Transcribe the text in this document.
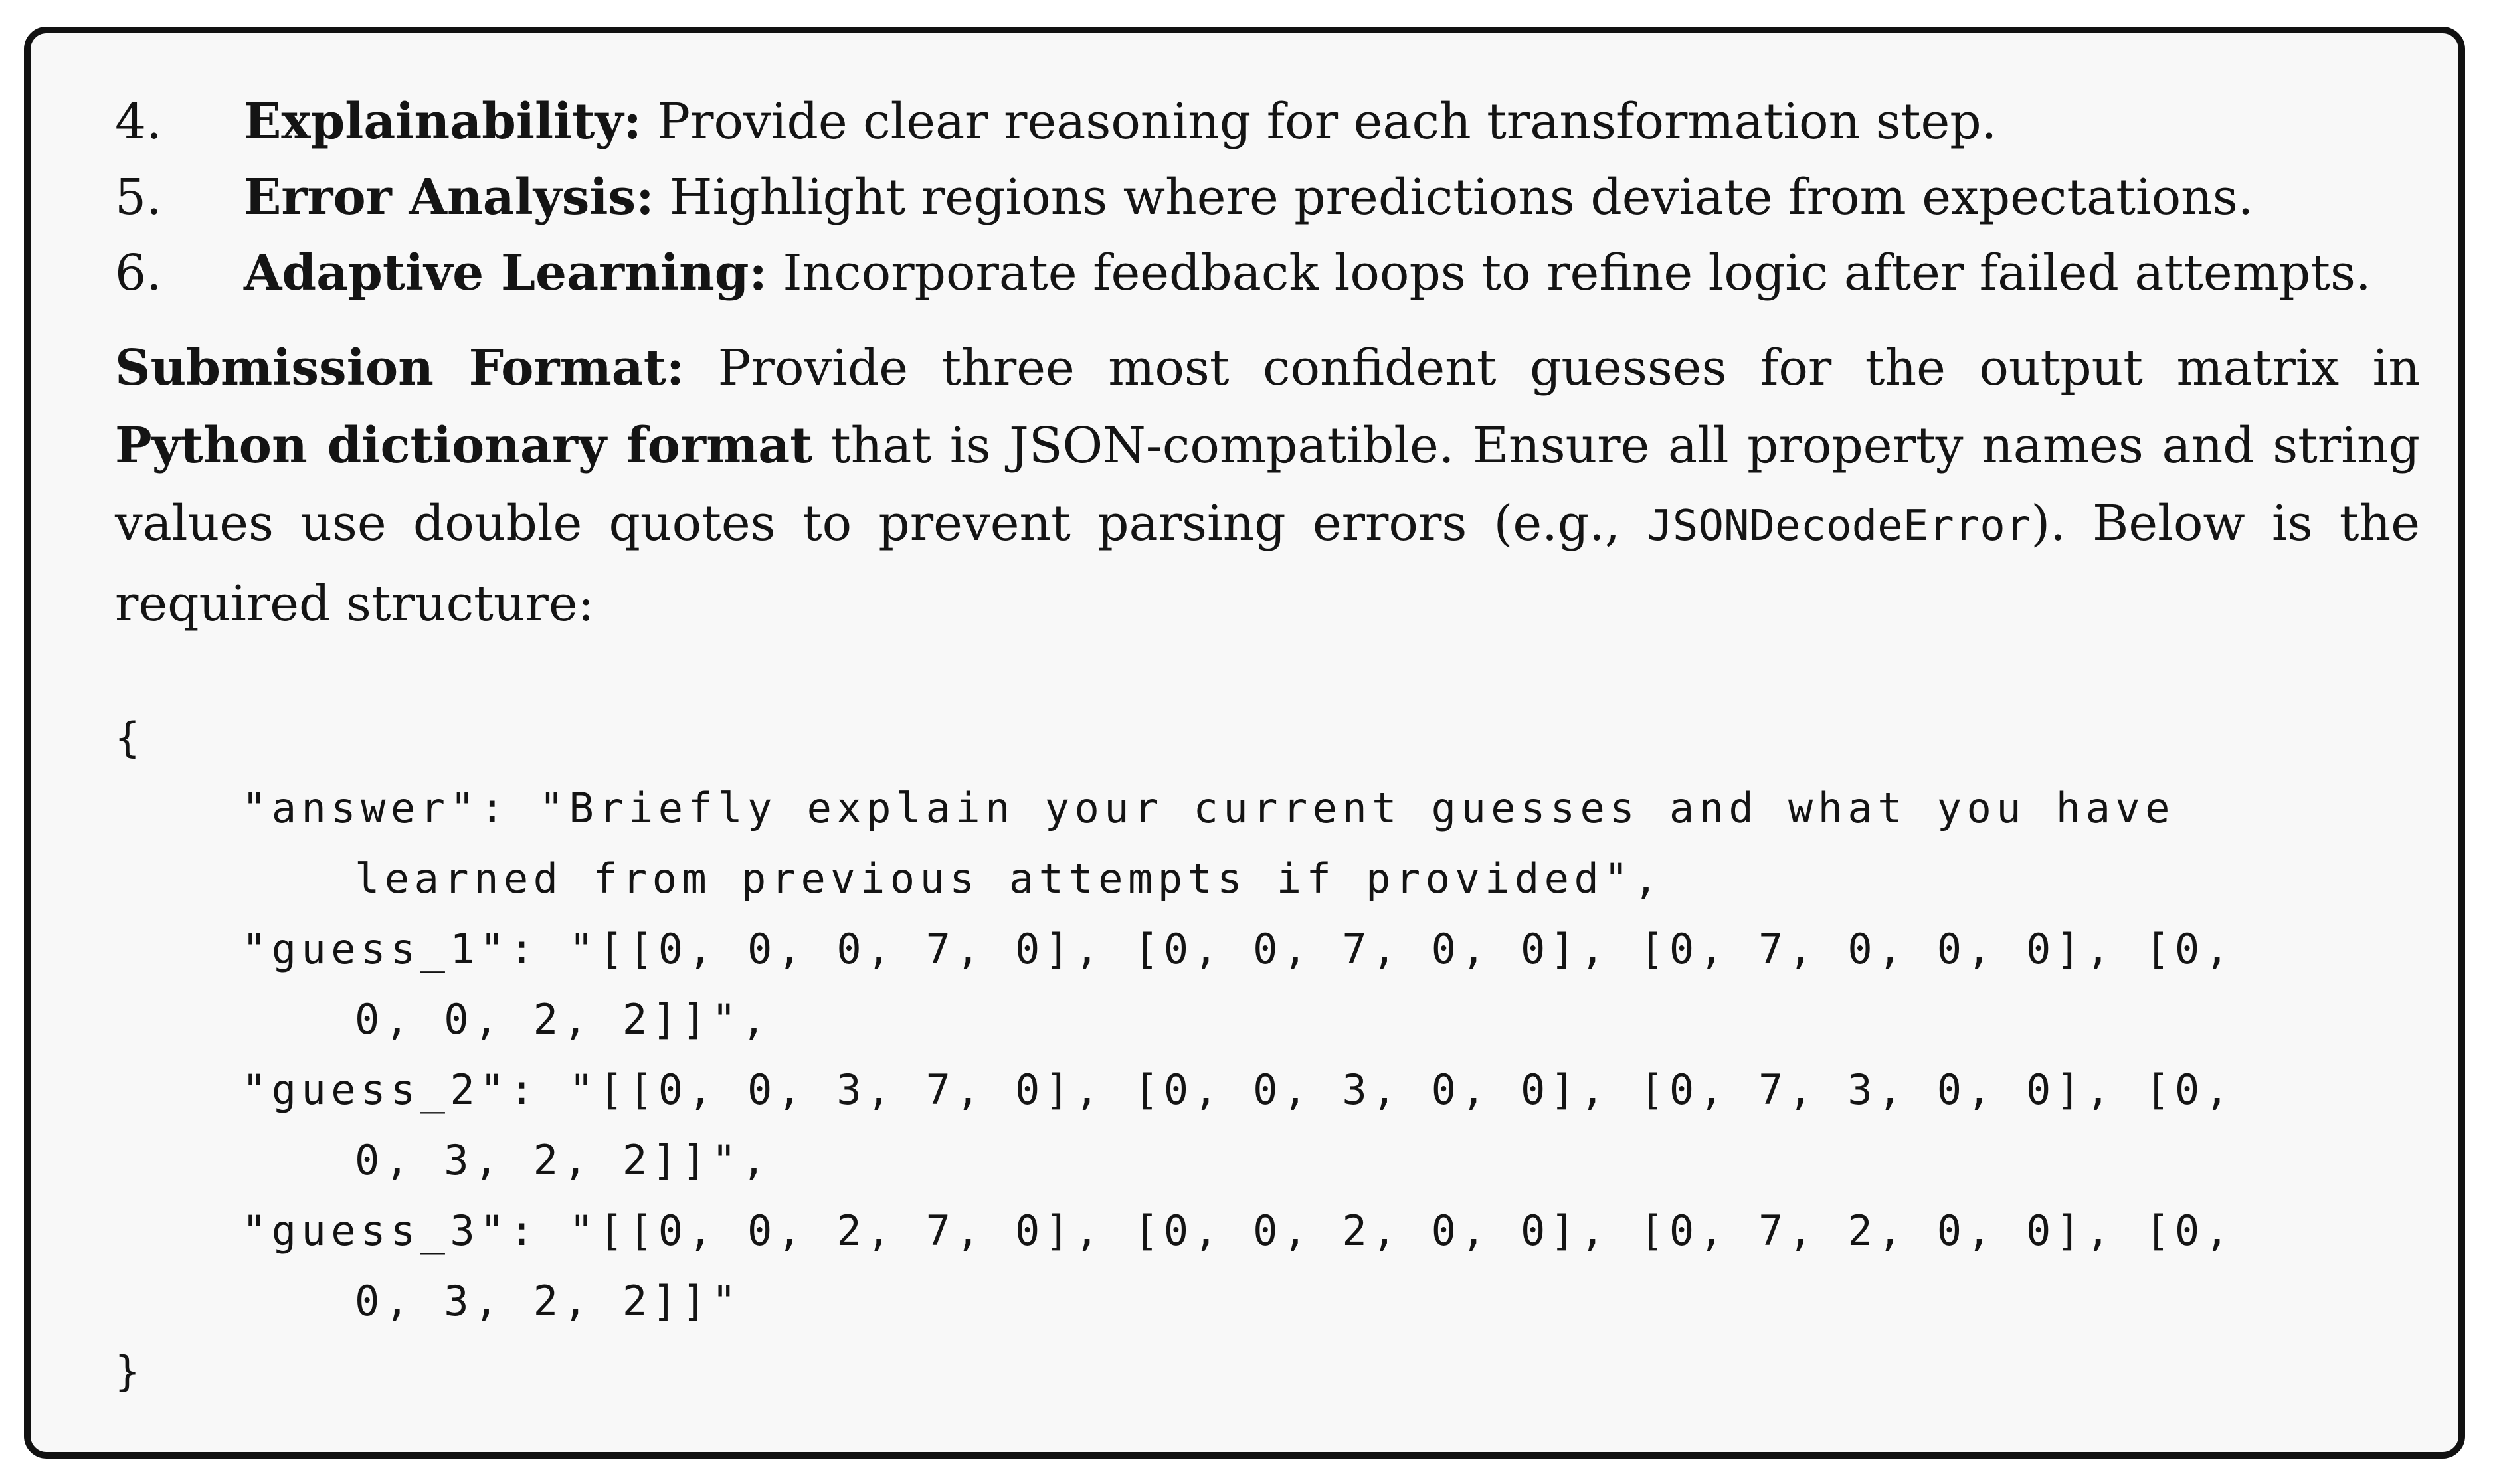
4.	Explainability: Provide clear reasoning for each transformation step.
5.	Error Analysis: Highlight regions where predictions deviate from expectations.
6.	Adaptive Learning: Incorporate feedback loops to refine logic after failed attempts.

Submission Format: Provide three most confident guesses for the output matrix in Python dictionary format that is JSON-compatible. Ensure all property names and string values use double quotes to prevent parsing errors (e.g., JSONDecodeError). Below is the required structure:

{
"answer": "Briefly explain your current guesses and what you have
learned from previous attempts if provided",
"guess_1": "[[0, 0, 0, 7, 0], [0, 0, 7, 0, 0], [0, 7, 0, 0, 0], [0,
0, 0, 2, 2]]",
"guess_2": "[[0, 0, 3, 7, 0], [0, 0, 3, 0, 0], [0, 7, 3, 0, 0], [0,
0, 3, 2, 2]]",
"guess_3": "[[0, 0, 2, 7, 0], [0, 0, 2, 0, 0], [0, 7, 2, 0, 0], [0,
0, 3, 2, 2]]"
}
